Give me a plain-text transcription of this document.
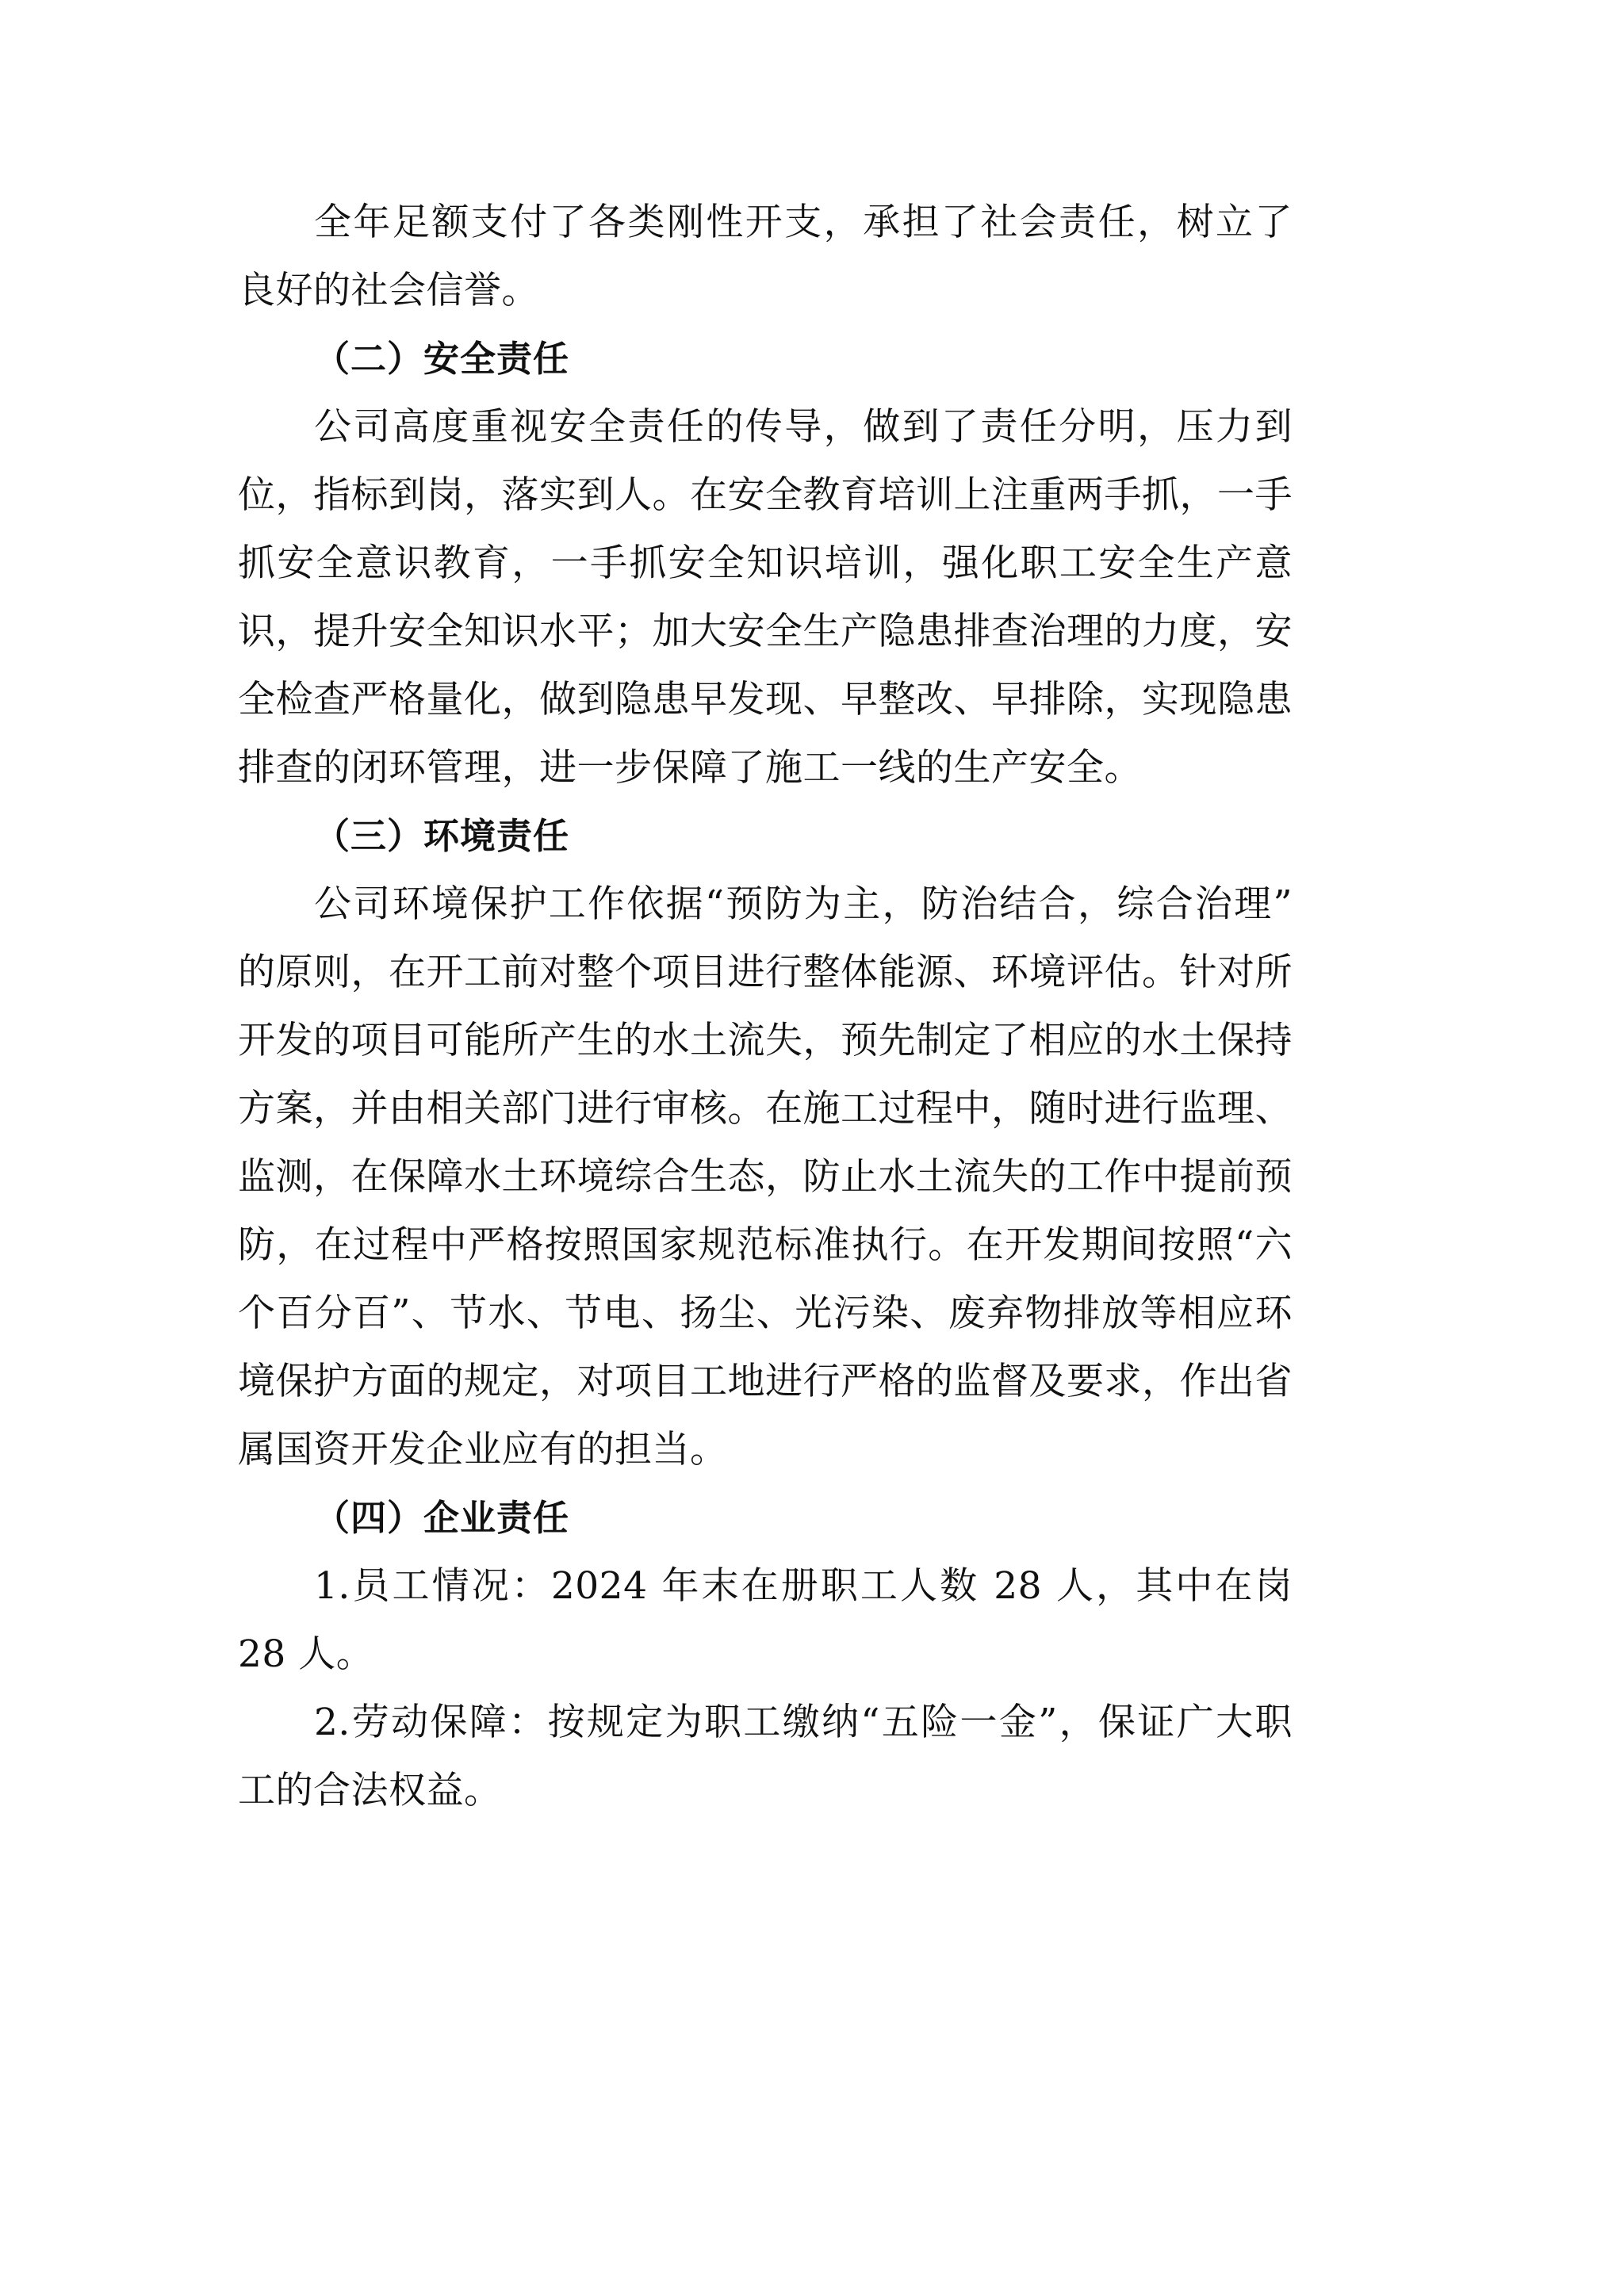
全年足额支付了各类刚性开支，承担了社会责任，树立了良好的社会信誉。

（二）安全责任

公司高度重视安全责任的传导，做到了责任分明，压力到位，指标到岗，落实到人。在安全教育培训上注重两手抓，一手抓安全意识教育，一手抓安全知识培训，强化职工安全生产意识，提升安全知识水平；加大安全生产隐患排查治理的力度，安全检查严格量化，做到隐患早发现、早整改、早排除，实现隐患排查的闭环管理，进一步保障了施工一线的生产安全。

（三）环境责任

公司环境保护工作依据“预防为主，防治结合，综合治理”的原则，在开工前对整个项目进行整体能源、环境评估。针对所开发的项目可能所产生的水土流失，预先制定了相应的水土保持方案，并由相关部门进行审核。在施工过程中，随时进行监理、监测，在保障水土环境综合生态，防止水土流失的工作中提前预防，在过程中严格按照国家规范标准执行。在开发期间按照“六个百分百”、节水、节电、扬尘、光污染、废弃物排放等相应环境保护方面的规定，对项目工地进行严格的监督及要求，作出省属国资开发企业应有的担当。

（四）企业责任

1.员工情况：2024 年末在册职工人数 28 人，其中在岗 28 人。

2.劳动保障：按规定为职工缴纳“五险一金”，保证广大职工的合法权益。
